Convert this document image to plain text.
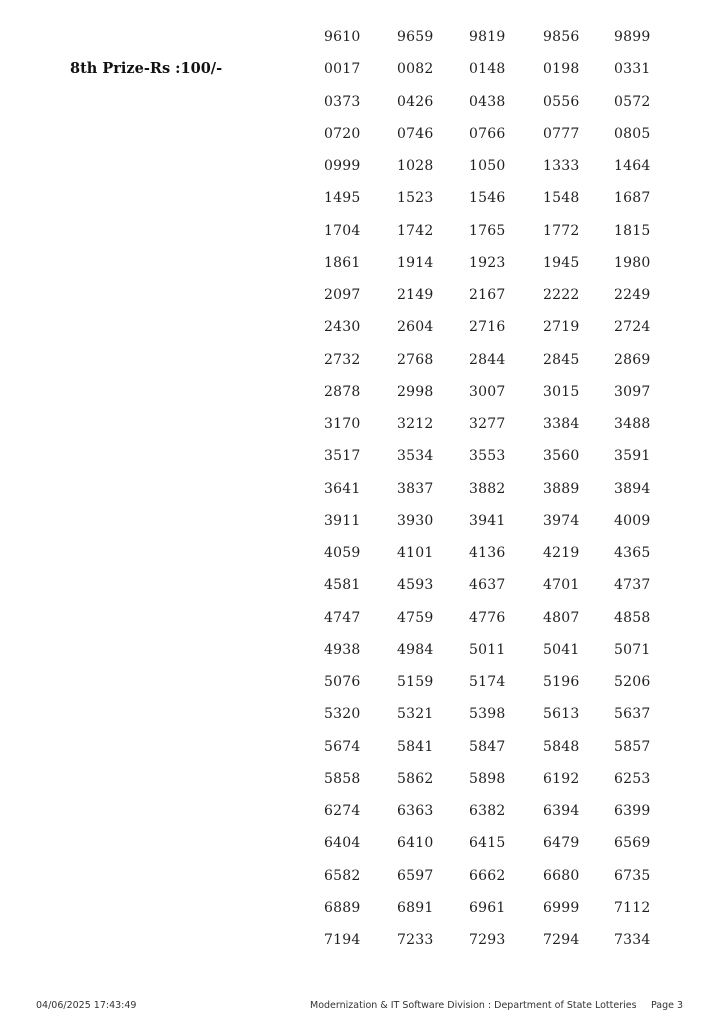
8th Prize-Rs :100/-
9610	9659	9819	9856 9899
0017	0082	0148	0198 0331
0373	0426	0438	0556 0572
0720	0746	0766	0777 0805
0999	1028	1050	1333 1464
1495	1523	1546	1548 1687
1704	1742	1765	1772 1815
1861	1914	1923	1945 1980
2097	2149	2167	2222 2249
2430	2604	2716	2719 2724
2732	2768	2844	2845 2869
2878	2998	3007	3015 3097
3170	3212	3277	3384 3488
3517	3534	3553	3560 3591
3641	3837	3882	3889 3894
3911	3930	3941	3974 4009
4059	4101	4136	4219 4365
4581	4593	4637	4701 4737
4747	4759	4776	4807 4858
4938	4984	5011	5041 5071
5076	5159	5174	5196 5206
5320	5321	5398	5613 5637
5674	5841	5847	5848 5857
5858	5862	5898	6192 6253
6274	6363	6382	6394 6399
6404	6410	6415	6479 6569
6582	6597	6662	6680 6735
6889	6891	6961	6999 7112
7194	7233	7293	7294 7334
04/06/2025 17:43:49	Modernization & IT Software Division : Department of State Lotteries Page 3
